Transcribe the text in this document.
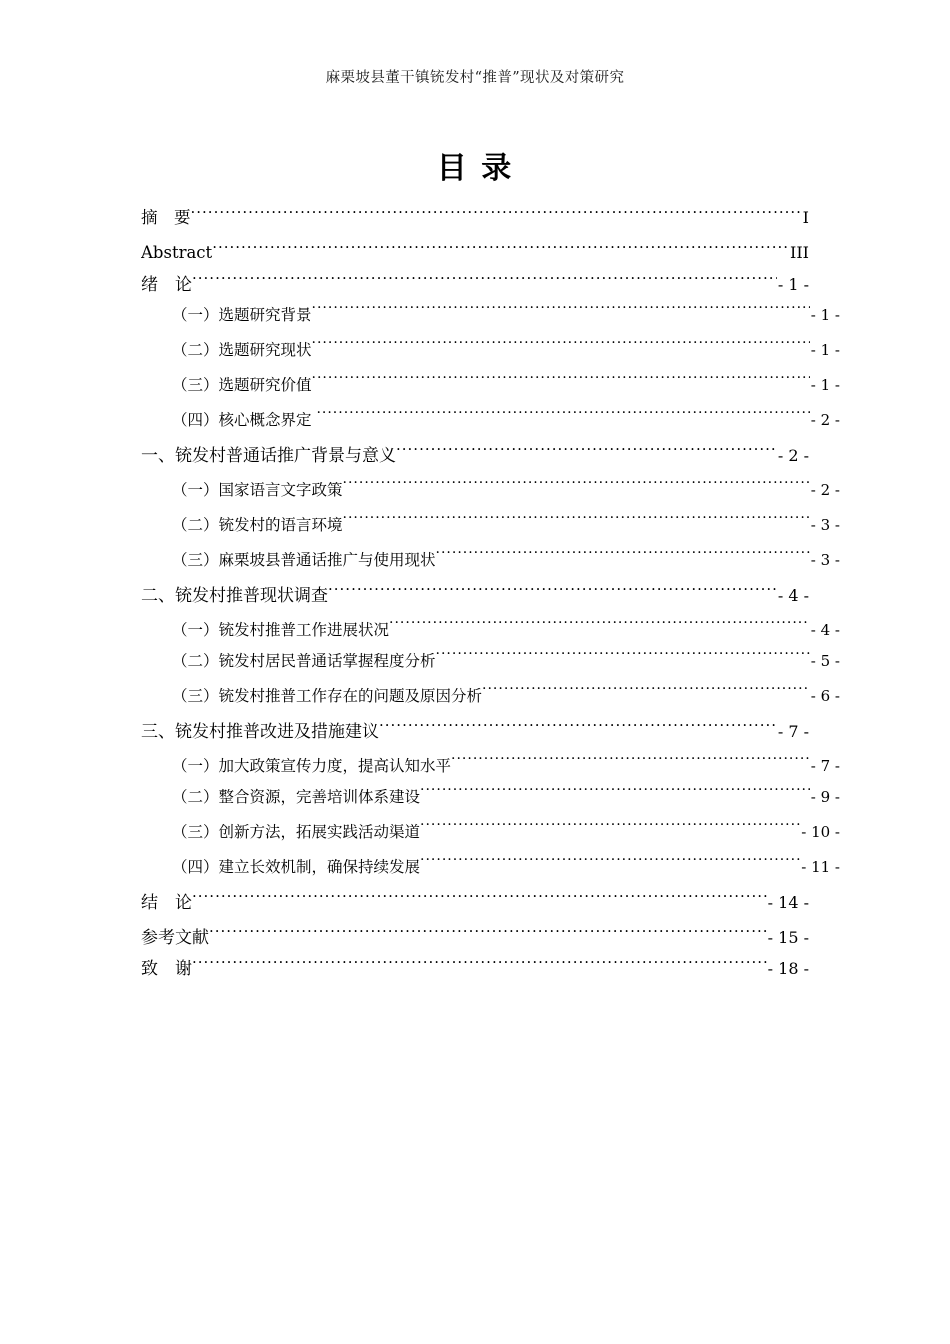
麻栗坡县董干镇铳发村“推普”现状及对策研究
目 录
摘　要 .....	I
Abstract .....	III
绪　论 .....	- 1 -
（一）选题研究背景 .....	- 1 -
（二）选题研究现状 .....	- 1 -
（三）选题研究价值 .....	- 1 -
（四）核心概念界定 .....	- 2 -
一、铳发村普通话推广背景与意义 .....	- 2 -
（一）国家语言文字政策 .....	- 2 -
（二）铳发村的语言环境 .....	- 3 -
（三）麻栗坡县普通话推广与使用现状 .....	- 3 -
二、铳发村推普现状调查 .....	- 4 -
（一）铳发村推普工作进展状况 .....	- 4 -
（二）铳发村居民普通话掌握程度分析 .....	- 5 -
（三）铳发村推普工作存在的问题及原因分析 .....	- 6 -
三、铳发村推普改进及措施建议 .....	- 7 -
（一）加大政策宣传力度，提高认知水平 .....	- 7 -
（二）整合资源，完善培训体系建设 .....	- 9 -
（三）创新方法，拓展实践活动渠道 .....	- 10 -
（四）建立长效机制，确保持续发展 .....	- 11 -
结　论 .....	- 14 -
参考文献 .....	- 15 -
致　谢 .....	- 18 -
